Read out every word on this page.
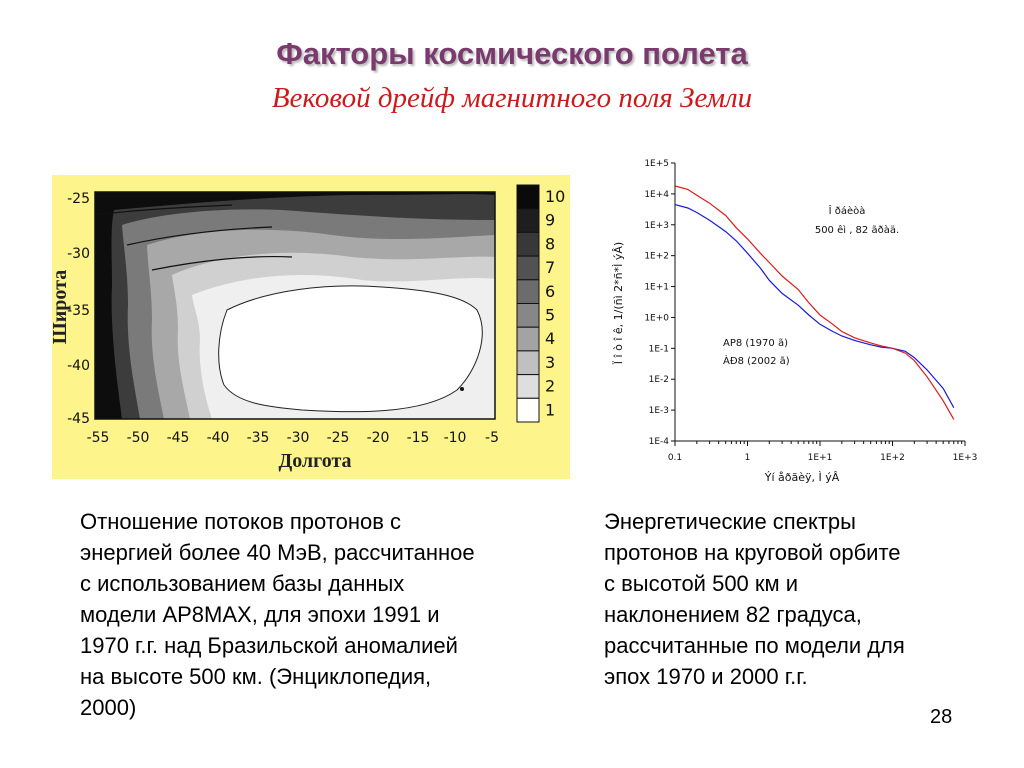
Факторы космического полета
Вековой дрейф магнитного поля Земли
-25
-30
-35
-40
-45
-55 -50 -45 -40 -35 -30 -25 -20 -15 -10 -5
Долгота
Широта
10
9
8
7
6
5
4
3
2
1
1E+5
1E+4
1E+3
1E+2
1E+1
1E+0
1E-1
1E-2
1E-3
1E-4
0.1	1	1E+1	1E+2	1E+3
Î ðáèòà
500 êì , 82 ãðàä.
AP8 (1970 ã)
ÀÐ8 (2002 ã)
Ýí åðãèÿ, Ì ýÂ
Ï î ò î ê, 1/(ñì 2*ñ*Ì ýÂ)
Отношение потоков протонов с
энергией более 40 МэВ, рассчитанное
с использованием базы данных
модели АР8МАХ, для эпохи 1991 и
1970 г.г. над Бразильской аномалией
на высоте 500 км. (Энциклопедия,
2000)
Энергетические спектры
протонов на круговой орбите
с высотой 500 км и
наклонением 82 градуса,
рассчитанные по модели для
эпох 1970 и 2000 г.г.
28
